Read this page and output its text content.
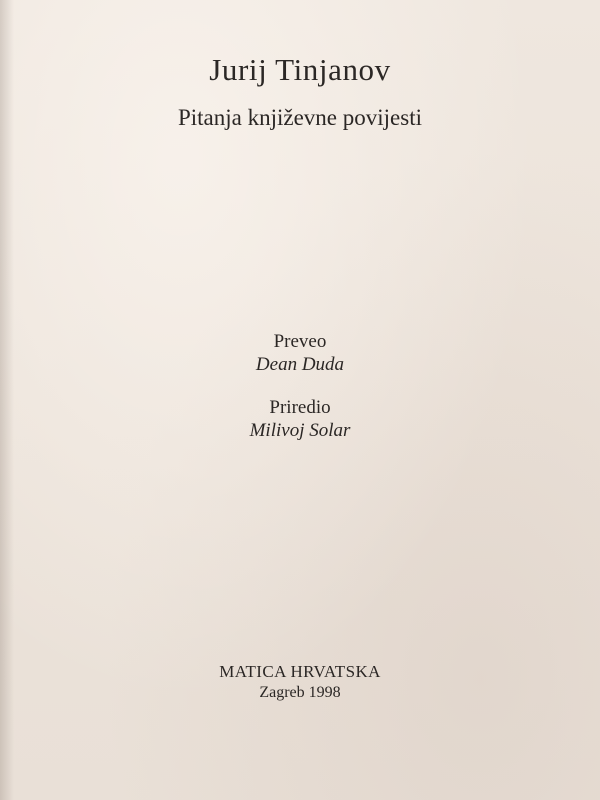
Jurij Tinjanov
Pitanja književne povijesti
Preveo
Dean Duda
Priredio
Milivoj Solar
MATICA HRVATSKA
Zagreb 1998
